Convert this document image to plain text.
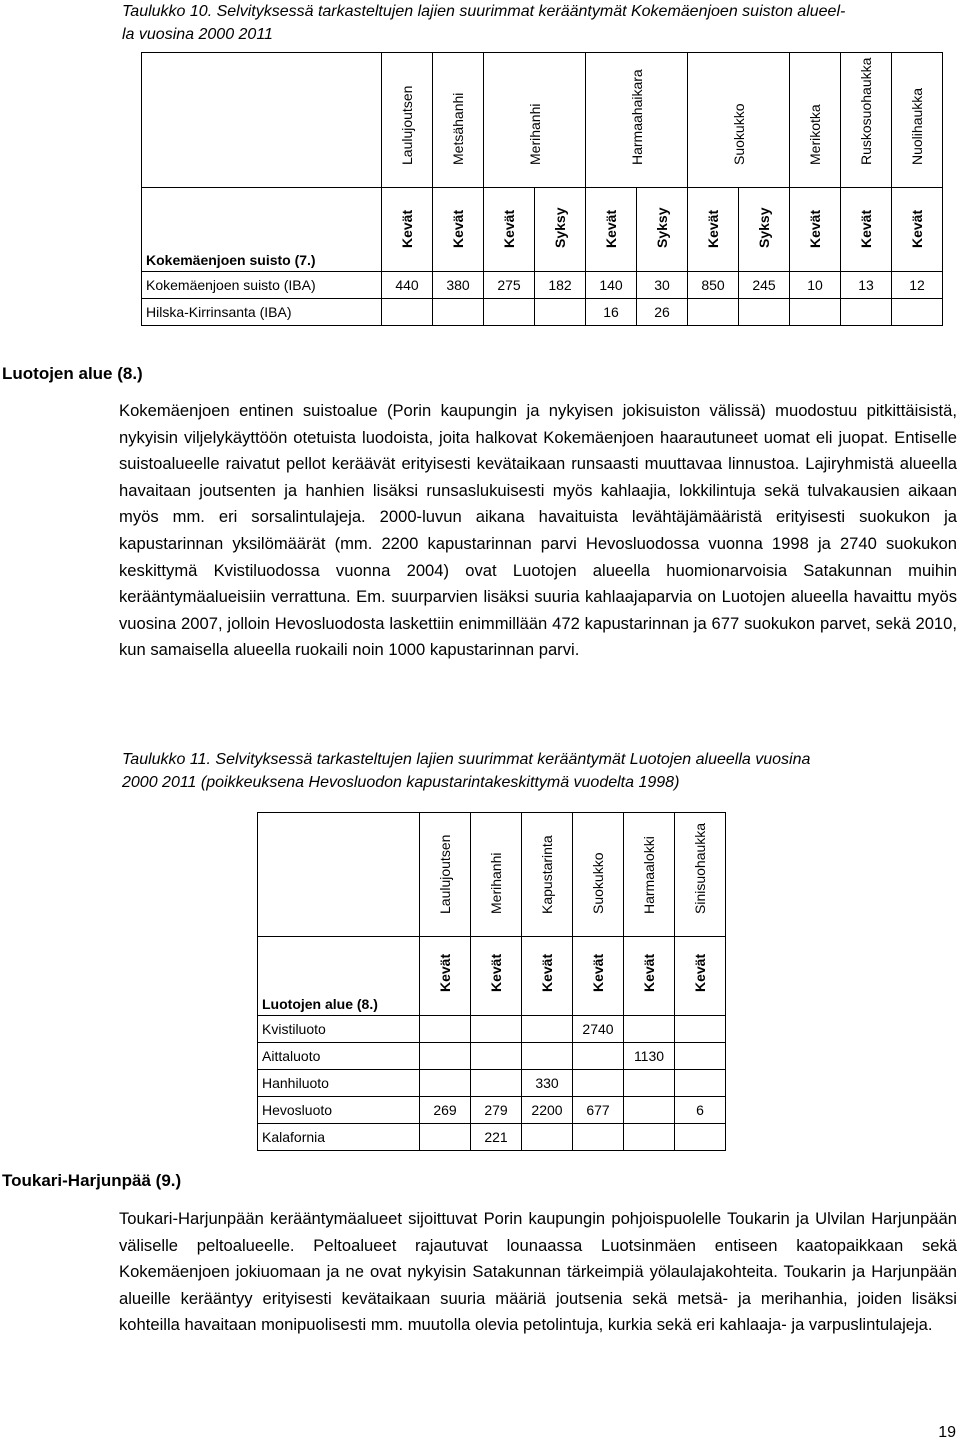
Taulukko 10. Selvityksessä tarkasteltujen lajien suurimmat kerääntymät Kokemäenjoen suiston alueel-
la vuosina 2000 2011

	Laulujoutsen	Metsähanhi	Merihanhi		Harmaahaikara		Suokukko		Merikotka	Ruskosuohaukka	Nuolihaukka

Kokemäenjoen suisto (7.)	Kevät	Kevät	Kevät	Syksy	Kevät	Syksy	Kevät	Syksy	Kevät	Kevät	Kevät

Kokemäenjoen suisto (IBA)	440	380	275	182	140	30	850	245	10	13	12
Hilska-Kirrinsanta (IBA)					16	26					
Luotojen alue (8.)
Kokemäenjoen entinen suistoalue (Porin kaupungin ja nykyisen jokisuiston välissä) muodostuu pitkittäisistä, nykyisin viljelykäyttöön otetuista luodoista, joita halkovat Kokemäenjoen haarautuneet uomat eli juopat. Entiselle suistoalueelle raivatut pellot keräävät erityisesti kevätaikaan runsaasti muuttavaa linnustoa. Lajiryhmistä alueella havaitaan joutsenten ja hanhien lisäksi runsaslukuisesti myös kahlaajia, lokkilintuja sekä tulvakausien aikaan myös mm. eri sorsalintulajeja. 2000-luvun aikana havaituista levähtäjämääristä erityisesti suokukon ja kapustarinnan yksilömäärät (mm. 2200 kapustarinnan parvi Hevosluodossa vuonna 1998 ja 2740 suokukon keskittymä Kvistiluodossa vuonna 2004) ovat Luotojen alueella huomionarvoisia Satakunnan muihin kerääntymäalueisiin verrattuna. Em. suurparvien lisäksi suuria kahlaajaparvia on Luotojen alueella havaittu myös vuosina 2007, jolloin Hevosluodosta laskettiin enimmillään 472 kapustarinnan ja 677 suokukon parvet, sekä 2010, kun samaisella alueella ruokaili noin 1000 kapustarinnan parvi.
Taulukko 11. Selvityksessä tarkasteltujen lajien suurimmat kerääntymät Luotojen alueella vuosina
2000 2011 (poikkeuksena Hevosluodon kapustarintakeskittymä vuodelta 1998)

	Laulujoutsen	Merihanhi	Kapustarinta	Suokukko	Harmaalokki	Sinisuohaukka

Luotojen alue (8.)	Kevät	Kevät	Kevät	Kevät	Kevät	Kevät

Kvistiluoto				2740		
Aittaluoto					1130	
Hanhiluoto			330			
Hevosluoto	269	279	2200	677		6
Kalafornia		221				
Toukari-Harjunpää (9.)
Toukari-Harjunpään kerääntymäalueet sijoittuvat Porin kaupungin pohjoispuolelle Toukarin ja Ulvilan Harjunpään väliselle peltoalueelle. Peltoalueet rajautuvat lounaassa Luotsinmäen entiseen kaatopaikkaan sekä Kokemäenjoen jokiuomaan ja ne ovat nykyisin Satakunnan tärkeimpiä yölaulajakohteita. Toukarin ja Harjunpään alueille kerääntyy erityisesti kevätaikaan suuria määriä joutsenia sekä metsä- ja merihanhia, joiden lisäksi kohteilla havaitaan monipuolisesti mm. muutolla olevia petolintuja, kurkia sekä eri kahlaaja- ja varpuslintulajeja.
19
